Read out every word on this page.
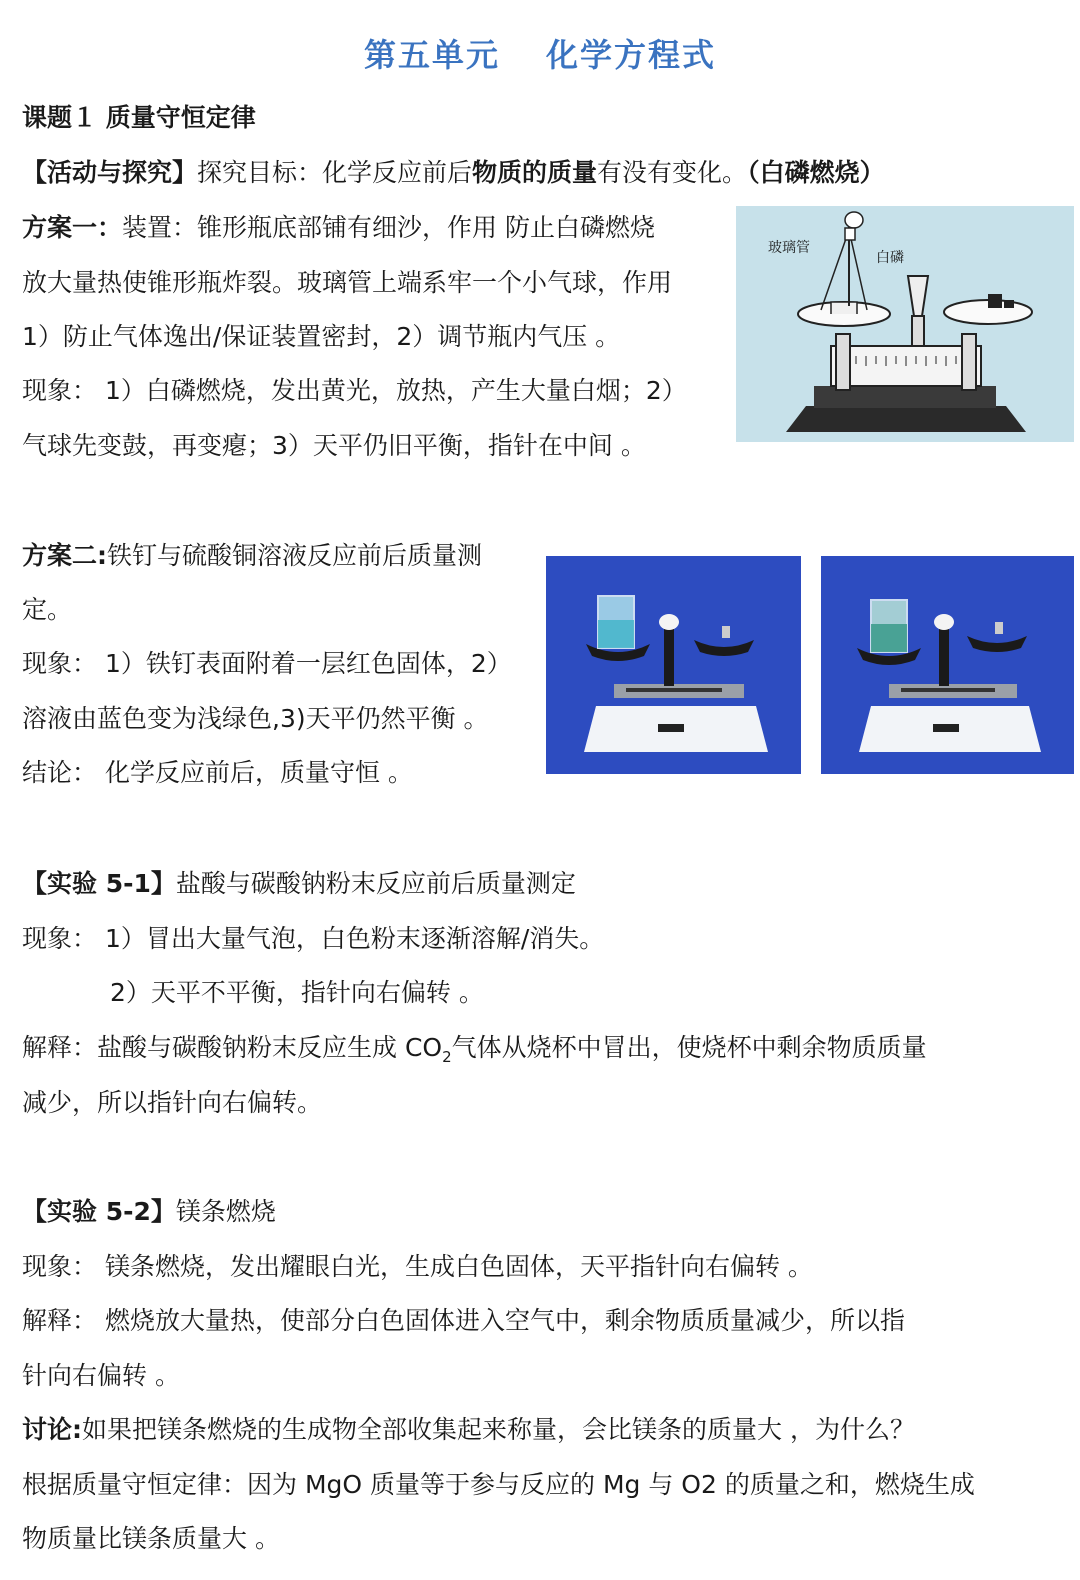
第五单元 化学方程式
课题１ 质量守恒定律
【活动与探究】探究目标：化学反应前后物质的质量有没有变化。（白磷燃烧）
方案一：装置：锥形瓶底部铺有细沙，作用 防止白磷燃烧
放大量热使锥形瓶炸裂。玻璃管上端系牢一个小气球，作用
1）防止气体逸出/保证装置密封，2）调节瓶内气压 。
现象： 1）白磷燃烧，发出黄光，放热，产生大量白烟；2）
气球先变鼓，再变瘪；3）天平仍旧平衡，指针在中间 。
玻璃管
白磷
方案二:铁钉与硫酸铜溶液反应前后质量测
定。
现象： 1）铁钉表面附着一层红色固体，2）
溶液由蓝色变为浅绿色,3)天平仍然平衡 。
结论： 化学反应前后，质量守恒 。
【实验 5-1】盐酸与碳酸钠粉末反应前后质量测定
现象： 1）冒出大量气泡，白色粉末逐渐溶解/消失。
2）天平不平衡，指针向右偏转 。
解释：盐酸与碳酸钠粉末反应生成 $CO_2$气体从烧杯中冒出，使烧杯中剩余物质质量
减少，所以指针向右偏转。
【实验 5-2】镁条燃烧
现象： 镁条燃烧，发出耀眼白光，生成白色固体，天平指针向右偏转 。
解释： 燃烧放大量热，使部分白色固体进入空气中，剩余物质质量减少，所以指
针向右偏转 。
讨论:如果把镁条燃烧的生成物全部收集起来称量，会比镁条的质量大 ，为什么？
根据质量守恒定律：因为 MgO 质量等于参与反应的 Mg 与 O2 的质量之和，燃烧生成
物质量比镁条质量大 。
